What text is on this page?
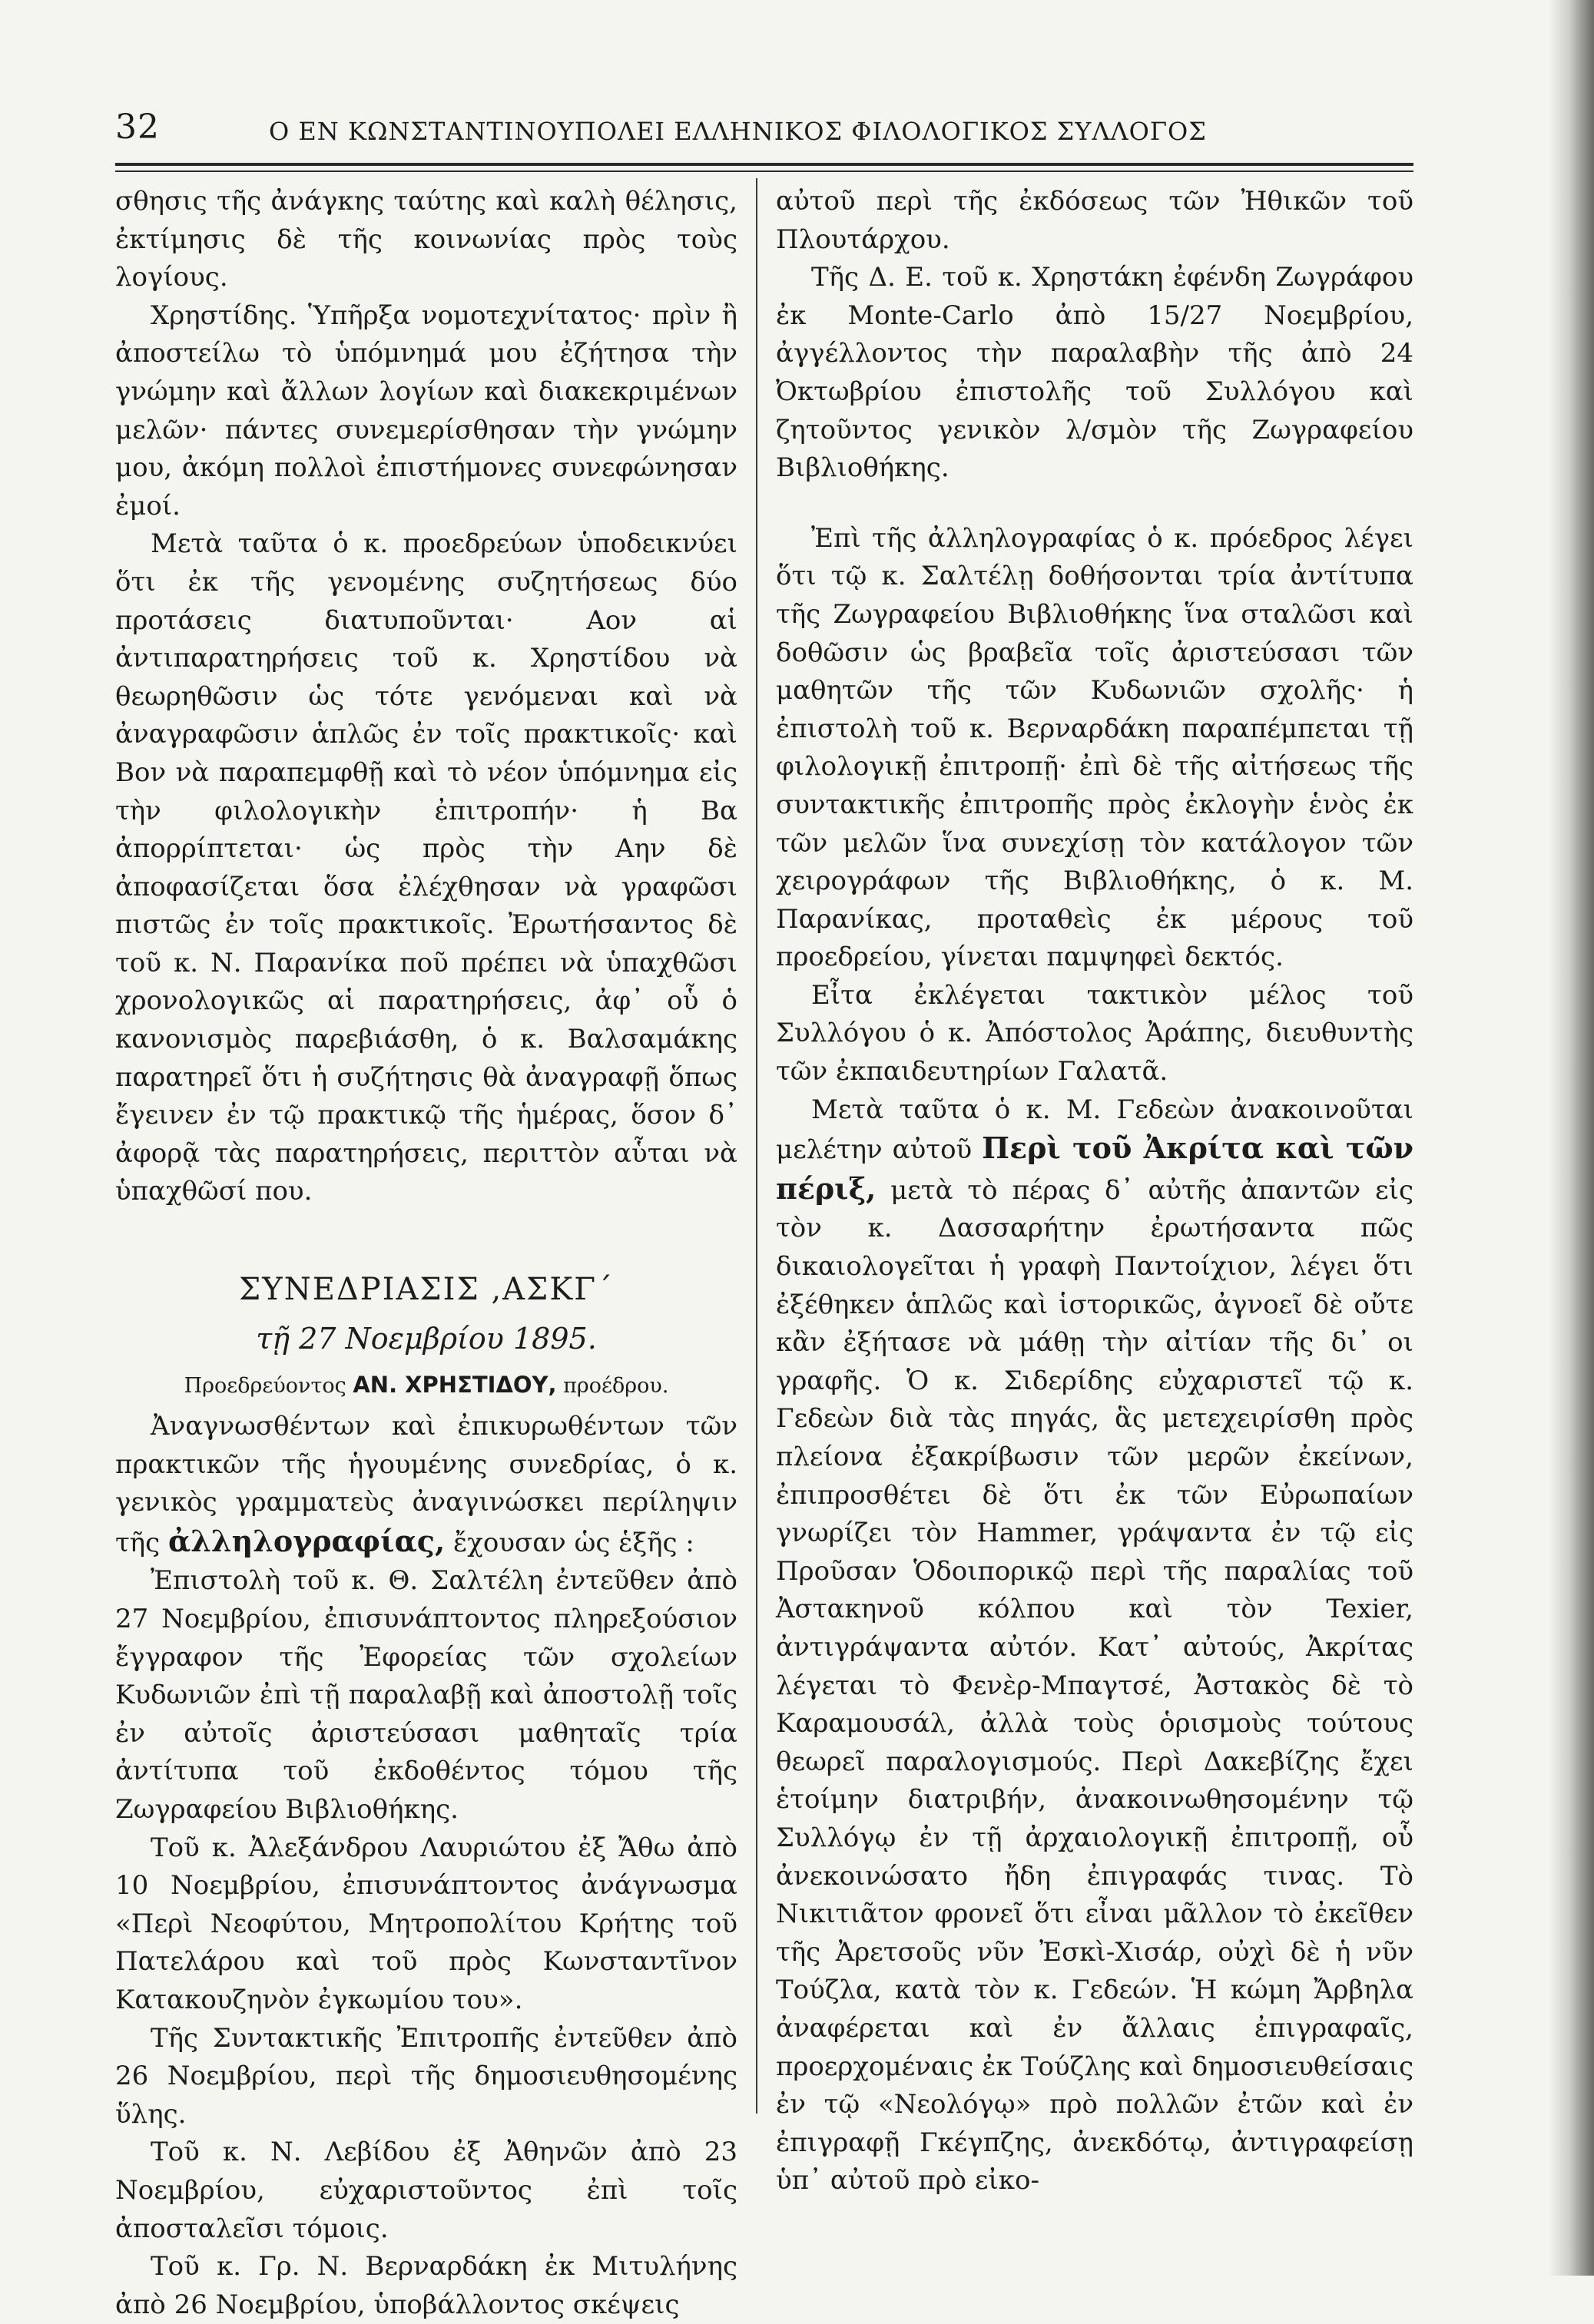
32	Ο ΕΝ ΚΩΝΣΤΑΝΤΙΝΟΥΠΟΛΕΙ ΕΛΛΗΝΙΚΟΣ ΦΙΛΟΛΟΓΙΚΟΣ ΣΥΛΛΟΓΟΣ

σθησις τῆς ἀνάγκης ταύτης καὶ καλὴ θέλησις, ἐκτίμησις δὲ τῆς κοινωνίας πρὸς τοὺς λογίους.

Χρηστίδης. Ὑπῆρξα νομοτεχνίτατος· πρὶν ἢ ἀποστείλω τὸ ὑπόμνημά μου ἐζήτησα τὴν γνώμην καὶ ἄλλων λογίων καὶ διακεκριμένων μελῶν· πάντες συνεμερίσθησαν τὴν γνώμην μου, ἀκόμη πολλοὶ ἐπιστήμονες συνεφώνησαν ἐμοί.

Μετὰ ταῦτα ὁ κ. προεδρεύων ὑποδεικνύει ὅτι ἐκ τῆς γενομένης συζητήσεως δύο προτάσεις διατυποῦνται· Αον αἱ ἀντιπαρατηρήσεις τοῦ κ. Χρηστίδου νὰ θεωρηθῶσιν ὡς τότε γενόμεναι καὶ νὰ ἀναγραφῶσιν ἁπλῶς ἐν τοῖς πρακτικοῖς· καὶ Βον νὰ παραπεμφθῇ καὶ τὸ νέον ὑπόμνημα εἰς τὴν φιλολογικὴν ἐπιτροπήν· ἡ Βα ἀπορρίπτεται· ὡς πρὸς τὴν Αην δὲ ἀποφασίζεται ὅσα ἐλέχθησαν νὰ γραφῶσι πιστῶς ἐν τοῖς πρακτικοῖς. Ἐρωτήσαντος δὲ τοῦ κ. Ν. Παρανίκα ποῦ πρέπει νὰ ὑπαχθῶσι χρονολογικῶς αἱ παρατηρήσεις, ἀφ᾽ οὗ ὁ κανονισμὸς παρεβιάσθη, ὁ κ. Βαλσαμάκης παρατηρεῖ ὅτι ἡ συζήτησις θὰ ἀναγραφῇ ὅπως ἔγεινεν ἐν τῷ πρακτικῷ τῆς ἡμέρας, ὅσον δ᾽ ἀφορᾷ τὰς παρατηρήσεις, περιττὸν αὗται νὰ ὑπαχθῶσί που.

ΣΥΝΕΔΡΙΑΣΙΣ ,ΑΣΚΓ´

τῇ 27 Νοεμβρίου 1895.

Προεδρεύοντος ΑΝ. ΧΡΗΣΤΙΔΟΥ, προέδρου.

Ἀναγνωσθέντων καὶ ἐπικυρωθέντων τῶν πρακτικῶν τῆς ἡγουμένης συνεδρίας, ὁ κ. γενικὸς γραμματεὺς ἀναγινώσκει περίληψιν τῆς ἀλληλογραφίας, ἔχουσαν ὡς ἑξῆς :

Ἐπιστολὴ τοῦ κ. Θ. Σαλτέλη ἐντεῦθεν ἀπὸ 27 Νοεμβρίου, ἐπισυνάπτοντος πληρεξούσιον ἔγγραφον τῆς Ἐφορείας τῶν σχολείων Κυδωνιῶν ἐπὶ τῇ παραλαβῇ καὶ ἀποστολῇ τοῖς ἐν αὐτοῖς ἀριστεύσασι μαθηταῖς τρία ἀντίτυπα τοῦ ἐκδοθέντος τόμου τῆς Ζωγραφείου Βιβλιοθήκης.

Τοῦ κ. Ἀλεξάνδρου Λαυριώτου ἐξ Ἄθω ἀπὸ 10 Νοεμβρίου, ἐπισυνάπτοντος ἀνάγνωσμα «Περὶ Νεοφύτου, Μητροπολίτου Κρήτης τοῦ Πατελάρου καὶ τοῦ πρὸς Κωνσταντῖνον Κατακουζηνὸν ἐγκωμίου του».

Τῆς Συντακτικῆς Ἐπιτροπῆς ἐντεῦθεν ἀπὸ 26 Νοεμβρίου, περὶ τῆς δημοσιευθησομένης ὕλης.

Τοῦ κ. Ν. Λεβίδου ἐξ Ἀθηνῶν ἀπὸ 23 Νοεμβρίου, εὐχαριστοῦντος ἐπὶ τοῖς ἀποσταλεῖσι τόμοις.

Τοῦ κ. Γρ. Ν. Βερναρδάκη ἐκ Μιτυλήνης ἀπὸ 26 Νοεμβρίου, ὑποβάλλοντος σκέψεις

αὐτοῦ περὶ τῆς ἐκδόσεως τῶν Ἠθικῶν τοῦ Πλουτάρχου.

Τῆς Δ. Ε. τοῦ κ. Χρηστάκη ἐφένδη Ζωγράφου ἐκ Monte-Carlo ἀπὸ 15/27 Νοεμβρίου, ἀγγέλλοντος τὴν παραλαβὴν τῆς ἀπὸ 24 Ὀκτωβρίου ἐπιστολῆς τοῦ Συλλόγου καὶ ζητοῦντος γενικὸν λ/σμὸν τῆς Ζωγραφείου Βιβλιοθήκης.

Ἐπὶ τῆς ἀλληλογραφίας ὁ κ. πρόεδρος λέγει ὅτι τῷ κ. Σαλτέλῃ δοθήσονται τρία ἀντίτυπα τῆς Ζωγραφείου Βιβλιοθήκης ἵνα σταλῶσι καὶ δοθῶσιν ὡς βραβεῖα τοῖς ἀριστεύσασι τῶν μαθητῶν τῆς τῶν Κυδωνιῶν σχολῆς· ἡ ἐπιστολὴ τοῦ κ. Βερναρδάκη παραπέμπεται τῇ φιλολογικῇ ἐπιτροπῇ· ἐπὶ δὲ τῆς αἰτήσεως τῆς συντακτικῆς ἐπιτροπῆς πρὸς ἐκλογὴν ἑνὸς ἐκ τῶν μελῶν ἵνα συνεχίσῃ τὸν κατάλογον τῶν χειρογράφων τῆς Βιβλιοθήκης, ὁ κ. Μ. Παρανίκας, προταθεὶς ἐκ μέρους τοῦ προεδρείου, γίνεται παμψηφεὶ δεκτός.

Εἶτα ἐκλέγεται τακτικὸν μέλος τοῦ Συλλόγου ὁ κ. Ἀπόστολος Ἀράπης, διευθυντὴς τῶν ἐκπαιδευτηρίων Γαλατᾶ.

Μετὰ ταῦτα ὁ κ. Μ. Γεδεὼν ἀνακοινοῦται μελέτην αὐτοῦ Περὶ τοῦ Ἀκρίτα καὶ τῶν πέριξ, μετὰ τὸ πέρας δ᾽ αὐτῆς ἀπαντῶν εἰς τὸν κ. Δασσαρήτην ἐρωτήσαντα πῶς δικαιολογεῖται ἡ γραφὴ Παντοίχιον, λέγει ὅτι ἐξέθηκεν ἁπλῶς καὶ ἱστορικῶς, ἀγνοεῖ δὲ οὔτε κἂν ἐξήτασε νὰ μάθῃ τὴν αἰτίαν τῆς δι᾽ οι γραφῆς. Ὁ κ. Σιδερίδης εὐχαριστεῖ τῷ κ. Γεδεὼν διὰ τὰς πηγάς, ἃς μετεχειρίσθη πρὸς πλείονα ἐξακρίβωσιν τῶν μερῶν ἐκείνων, ἐπιπροσθέτει δὲ ὅτι ἐκ τῶν Εὐρωπαίων γνωρίζει τὸν Hammer, γράψαντα ἐν τῷ εἰς Προῦσαν Ὁδοιπορικῷ περὶ τῆς παραλίας τοῦ Ἀστακηνοῦ κόλπου καὶ τὸν Texier, ἀντιγράψαντα αὐτόν. Κατ᾽ αὐτούς, Ἀκρίτας λέγεται τὸ Φενὲρ-Μπαγτσέ, Ἀστακὸς δὲ τὸ Καραμουσάλ, ἀλλὰ τοὺς ὁρισμοὺς τούτους θεωρεῖ παραλογισμούς. Περὶ Δακεβίζης ἔχει ἑτοίμην διατριβήν, ἀνακοινωθησομένην τῷ Συλλόγῳ ἐν τῇ ἀρχαιολογικῇ ἐπιτροπῇ, οὗ ἀνεκοινώσατο ἤδη ἐπιγραφάς τινας. Τὸ Νικιτιᾶτον φρονεῖ ὅτι εἶναι μᾶλλον τὸ ἐκεῖθεν τῆς Ἀρετσοῦς νῦν Ἐσκὶ-Χισάρ, οὐχὶ δὲ ἡ νῦν Τούζλα, κατὰ τὸν κ. Γεδεών. Ἡ κώμη Ἄρβηλα ἀναφέρεται καὶ ἐν ἄλλαις ἐπιγραφαῖς, προερχομέναις ἐκ Τούζλης καὶ δημοσιευθείσαις ἐν τῷ «Νεολόγῳ» πρὸ πολλῶν ἐτῶν καὶ ἐν ἐπιγραφῇ Γκέγπζης, ἀνεκδότῳ, ἀντιγραφείσῃ ὑπ᾽ αὐτοῦ πρὸ εἰκο-
